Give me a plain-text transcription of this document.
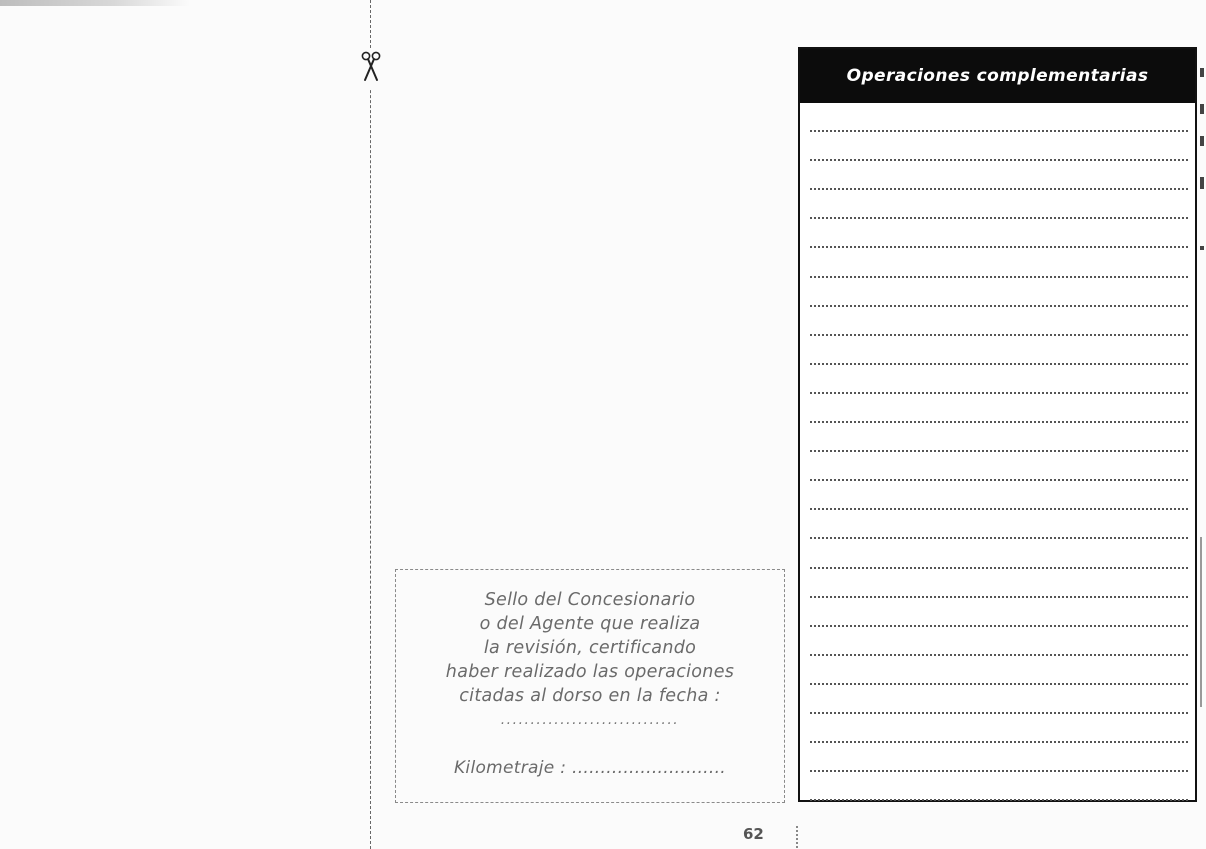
Sello del Concesionario
o del Agente que realiza
la revisión, certificando
haber realizado las operaciones
citadas al dorso en la fecha :
..............................
Kilometraje : ...........................
62
Operaciones complementarias
